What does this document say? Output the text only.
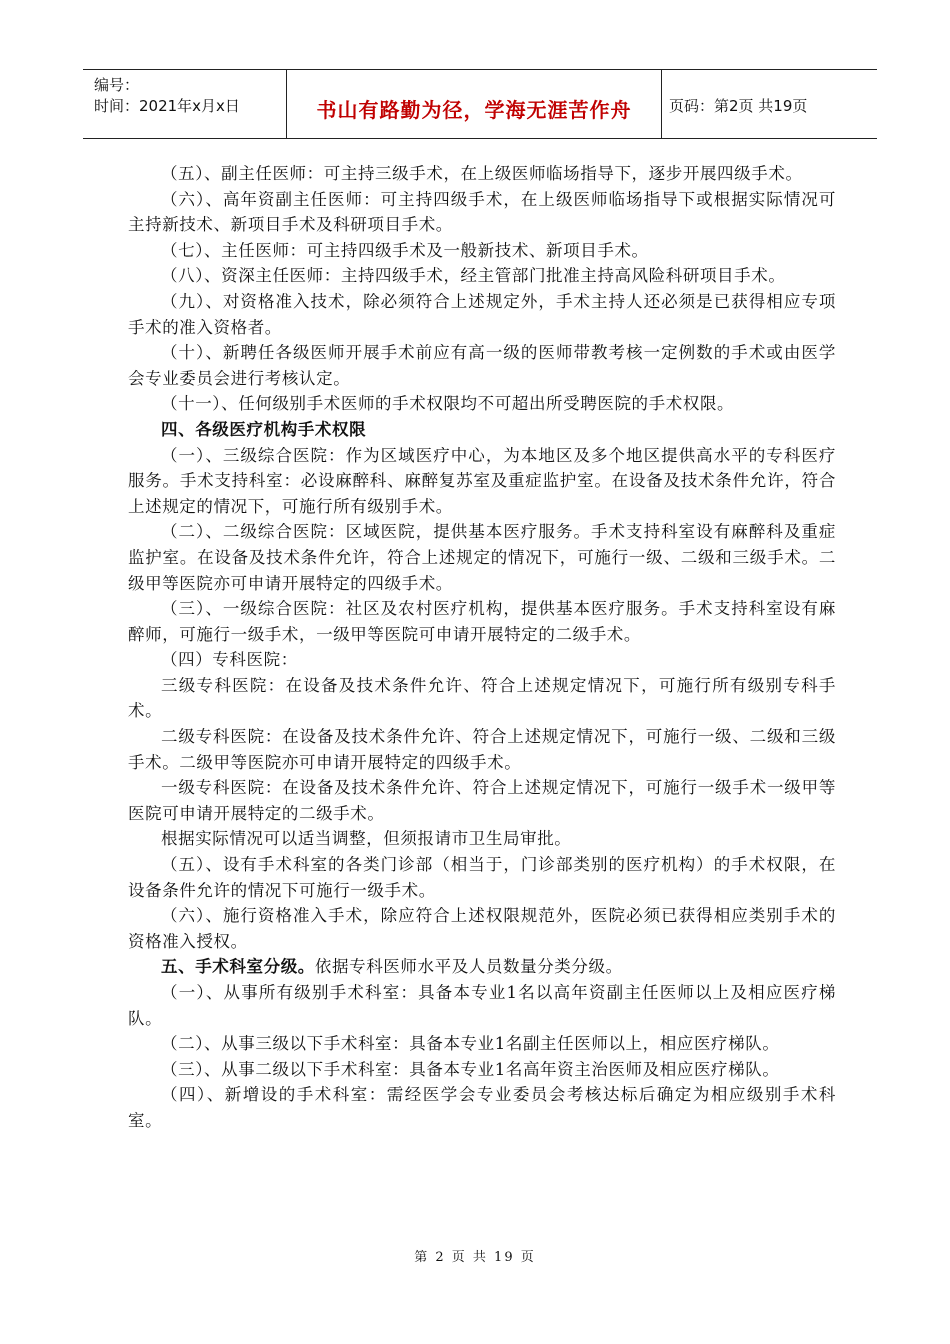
编号：
时间：2021年x月x日	书山有路勤为径，学海无涯苦作舟	页码：第2页 共19页

（五）、副主任医师：可主持三级手术，在上级医师临场指导下，逐步开展四级手术。

（六）、高年资副主任医师：可主持四级手术，在上级医师临场指导下或根据实际情况可主持新技术、新项目手术及科研项目手术。

（七）、主任医师：可主持四级手术及一般新技术、新项目手术。

（八）、资深主任医师：主持四级手术，经主管部门批准主持高风险科研项目手术。

（九）、对资格准入技术，除必须符合上述规定外，手术主持人还必须是已获得相应专项手术的准入资格者。

（十）、新聘任各级医师开展手术前应有高一级的医师带教考核一定例数的手术或由医学会专业委员会进行考核认定。

（十一）、任何级别手术医师的手术权限均不可超出所受聘医院的手术权限。

四、各级医疗机构手术权限

（一）、三级综合医院：作为区域医疗中心，为本地区及多个地区提供高水平的专科医疗服务。手术支持科室：必设麻醉科、麻醉复苏室及重症监护室。在设备及技术条件允许，符合上述规定的情况下，可施行所有级别手术。

（二）、二级综合医院：区域医院，提供基本医疗服务。手术支持科室设有麻醉科及重症监护室。在设备及技术条件允许，符合上述规定的情况下，可施行一级、二级和三级手术。二级甲等医院亦可申请开展特定的四级手术。

（三）、一级综合医院：社区及农村医疗机构，提供基本医疗服务。手术支持科室设有麻醉师，可施行一级手术，一级甲等医院可申请开展特定的二级手术。

（四）专科医院：

三级专科医院：在设备及技术条件允许、符合上述规定情况下，可施行所有级别专科手术。

二级专科医院：在设备及技术条件允许、符合上述规定情况下，可施行一级、二级和三级手术。二级甲等医院亦可申请开展特定的四级手术。

一级专科医院：在设备及技术条件允许、符合上述规定情况下，可施行一级手术一级甲等医院可申请开展特定的二级手术。

根据实际情况可以适当调整，但须报请市卫生局审批。

（五）、设有手术科室的各类门诊部（相当于，门诊部类别的医疗机构）的手术权限，在设备条件允许的情况下可施行一级手术。

（六）、施行资格准入手术，除应符合上述权限规范外，医院必须已获得相应类别手术的资格准入授权。

五、手术科室分级。依据专科医师水平及人员数量分类分级。

（一）、从事所有级别手术科室：具备本专业1名以高年资副主任医师以上及相应医疗梯队。

（二）、从事三级以下手术科室：具备本专业1名副主任医师以上，相应医疗梯队。

（三）、从事二级以下手术科室：具备本专业1名高年资主治医师及相应医疗梯队。

（四）、新增设的手术科室：需经医学会专业委员会考核达标后确定为相应级别手术科室。

第 2 页 共 19 页
